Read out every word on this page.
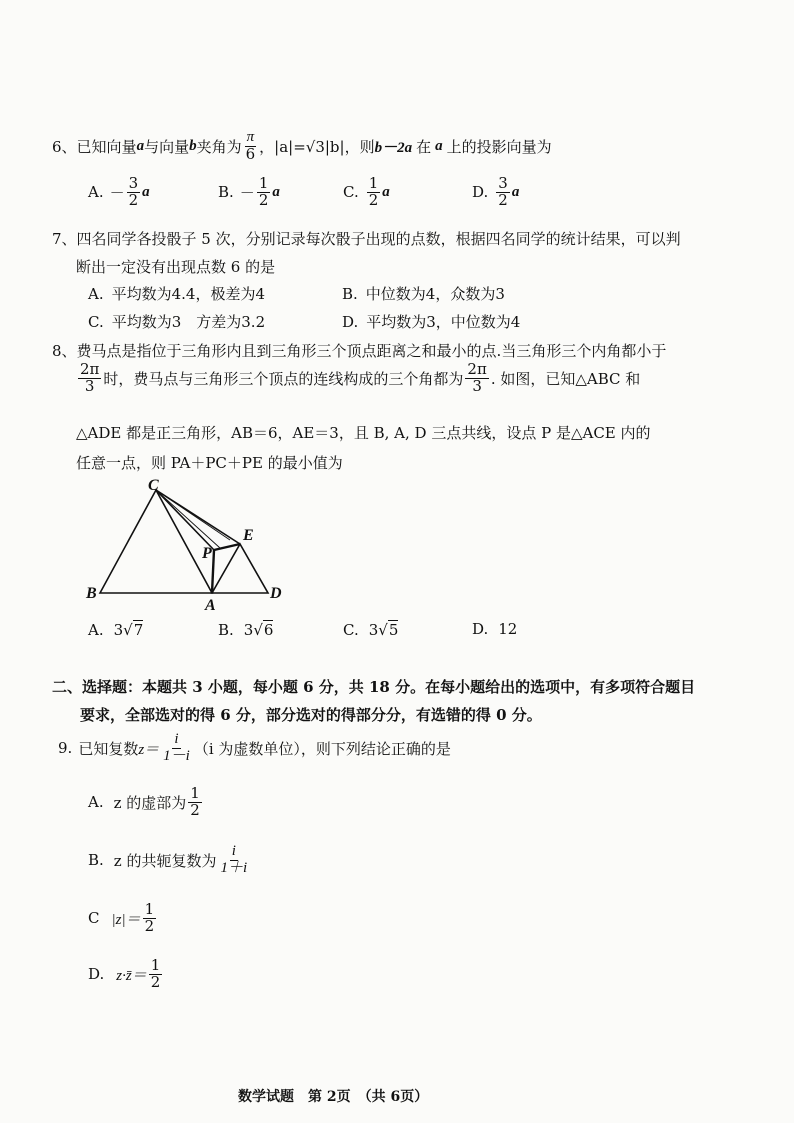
6、 已知向量 a 与向量 b 夹角为 $\frac{\pi}{6}$ ，|a|=√3|b|，则 b－2a 在 a 上的投影向量为
A. － $\frac{3}{2}$ a	B. － $\frac{1}{2}$ a	C. $\frac{1}{2}$ a	D. $\frac{3}{2}$ a
7、四名同学各投骰子 5 次，分别记录每次骰子出现的点数，根据四名同学的统计结果，可以判
断出一定没有出现点数 6 的是
A. 平均数为4.4，极差为4	B. 中位数为4，众数为3
C. 平均数为3　方差为3.2	D. 平均数为3，中位数为4
8、费马点是指位于三角形内且到三角形三个顶点距离之和最小的点.当三角形三个内角都小于
$\frac{2\pi}{3}$ 时，费马点与三角形三个顶点的连线构成的三个角都为 $\frac{2\pi}{3}$ . 如图，已知△ABC 和
△ADE 都是正三角形，AB＝6，AE＝3，且 B, A, D 三点共线，设点 P 是△ACE 内的
任意一点，则 PA＋PC＋PE 的最小值为
C
E
P
B
A
D
A. 3 √ 7	B. 3 √ 6	C. 3 √ 5	D. 12
二、选择题：本题共 3 小题，每小题 6 分，共 18 分。在每小题给出的选项中，有多项符合题目
要求，全部选对的得 6 分，部分选对的得部分分，有选错的得 0 分。
9. 已知复数 $z= \frac{i}{1-i} (i$ 为虚数单位），则下列结论正确的是
A. z 的虚部为 $\frac{1}{2}$
B. z 的共轭复数为 $\frac{i}{1+i}$
C $|z|= \frac{1}{2}$
D. z·z̄＝ $\frac{1}{2}$
数学试题　第 2页　（共 6页）
